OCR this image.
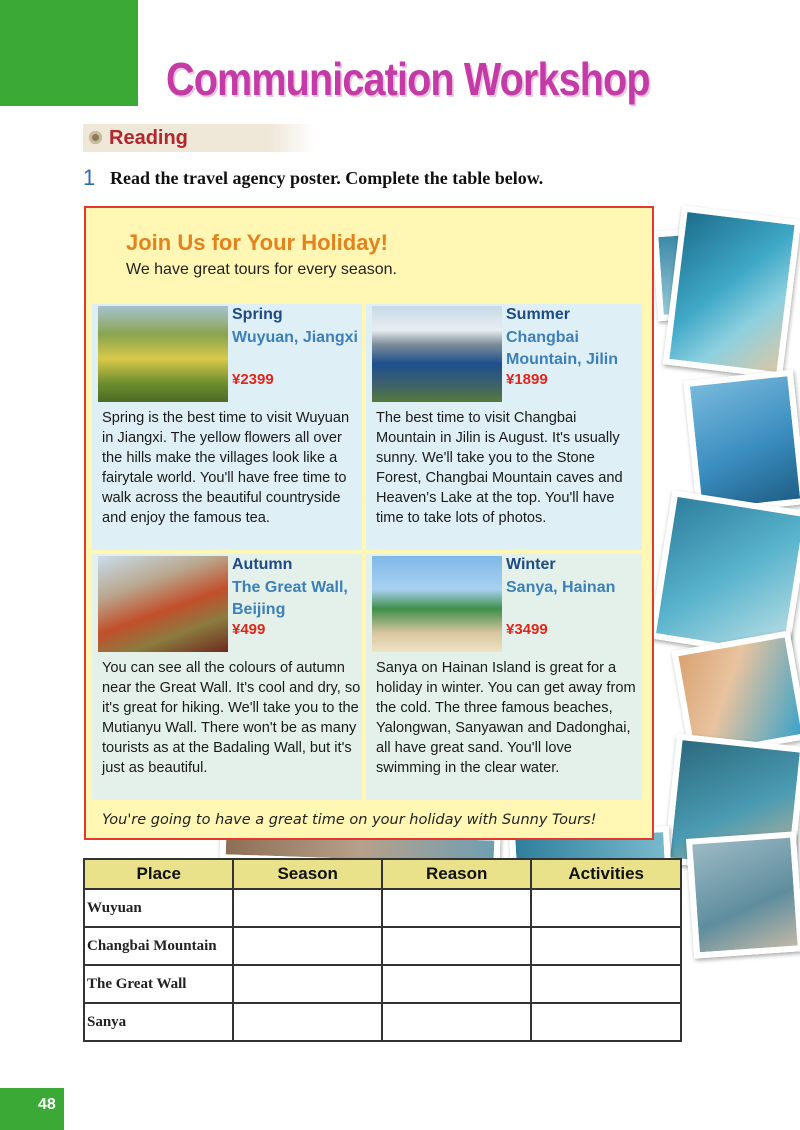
Communication Workshop
Reading
1 Read the travel agency poster. Complete the table below.
Join Us for Your Holiday!
We have great tours for every season.
Spring
Wuyuan, Jiangxi
¥2399
Spring is the best time to visit Wuyuan in Jiangxi. The yellow flowers all over the hills make the villages look like a fairytale world. You'll have free time to walk across the beautiful countryside and enjoy the famous tea.
Summer
Changbai Mountain, Jilin
¥1899
The best time to visit Changbai Mountain in Jilin is August. It's usually sunny. We'll take you to the Stone Forest, Changbai Mountain caves and Heaven's Lake at the top. You'll have time to take lots of photos.
Autumn
The Great Wall, Beijing
¥499
You can see all the colours of autumn near the Great Wall. It's cool and dry, so it's great for hiking. We'll take you to the Mutianyu Wall. There won't be as many tourists as at the Badaling Wall, but it's just as beautiful.
Winter
Sanya, Hainan
¥3499
Sanya on Hainan Island is great for a holiday in winter. You can get away from the cold. The three famous beaches, Yalongwan, Sanyawan and Dadonghai, all have great sand. You'll love swimming in the clear water.
You're going to have a great time on your holiday with Sunny Tours!
Place	Season	Reason	Activities
Wuyuan			
Changbai Mountain			
The Great Wall			
Sanya			
48
